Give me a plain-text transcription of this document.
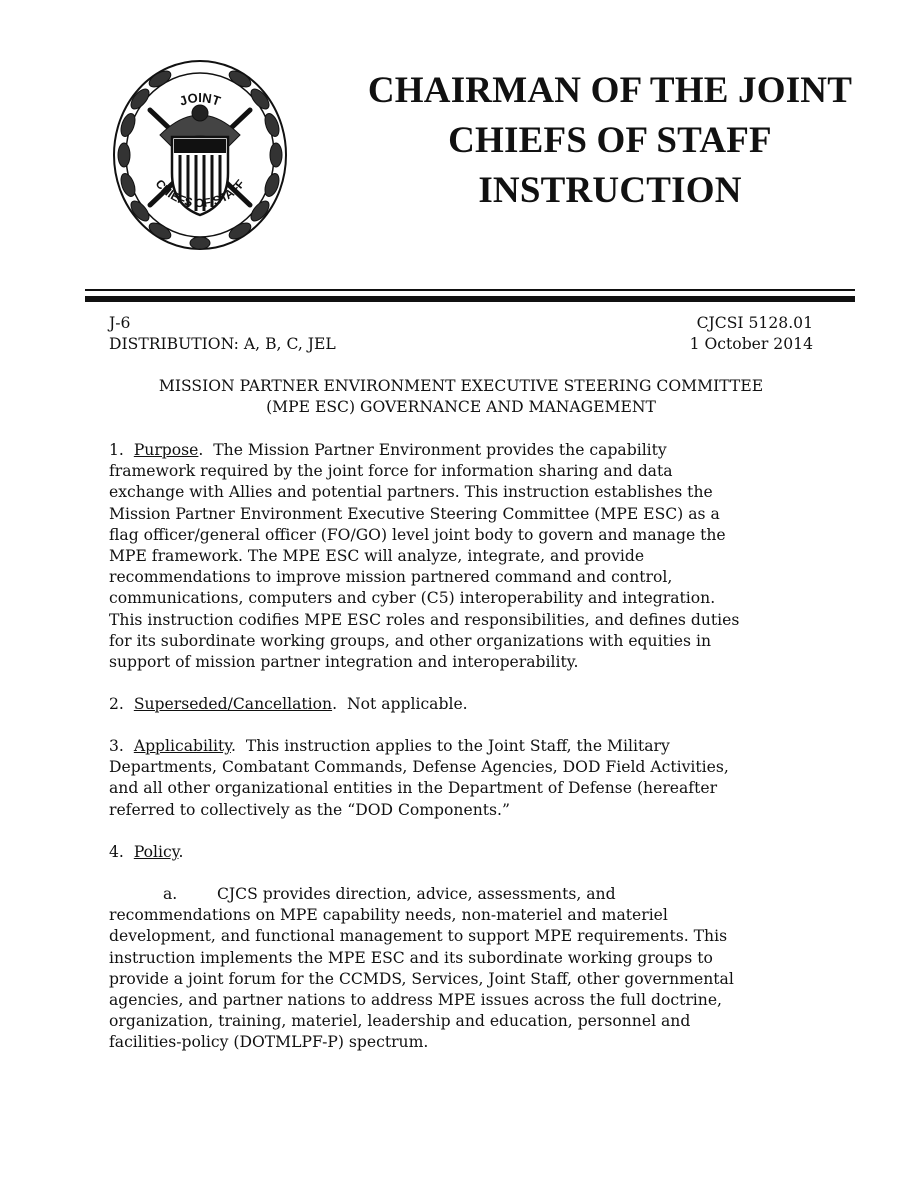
JOINT
CHIEFS OF STAFF
CHAIRMAN OF THE JOINT
CHIEFS OF STAFF
INSTRUCTION
J-6	CJCSI 5128.01
DISTRIBUTION: A, B, C, JEL	1 October 2014
MISSION PARTNER ENVIRONMENT EXECUTIVE STEERING COMMITTEE
(MPE ESC) GOVERNANCE AND MANAGEMENT
1. Purpose.  The Mission Partner Environment provides the capability
framework required by the joint force for information sharing and data
exchange with Allies and potential partners. This instruction establishes the
Mission Partner Environment Executive Steering Committee (MPE ESC) as a
flag officer/general officer (FO/GO) level joint body to govern and manage the
MPE framework. The MPE ESC will analyze, integrate, and provide
recommendations to improve mission partnered command and control,
communications, computers and cyber (C5) interoperability and integration.
This instruction codifies MPE ESC roles and responsibilities, and defines duties
for its subordinate working groups, and other organizations with equities in
support of mission partner integration and interoperability.
2. Superseded/Cancellation.  Not applicable.
3. Applicability.  This instruction applies to the Joint Staff, the Military
Departments, Combatant Commands, Defense Agencies, DOD Field Activities,
and all other organizational entities in the Department of Defense (hereafter
referred to collectively as the “DOD Components.”
4. Policy.
a.	CJCS provides direction, advice, assessments, and
recommendations on MPE capability needs, non-materiel and materiel
development, and functional management to support MPE requirements. This
instruction implements the MPE ESC and its subordinate working groups to
provide a joint forum for the CCMDS, Services, Joint Staff, other governmental
agencies, and partner nations to address MPE issues across the full doctrine,
organization, training, materiel, leadership and education, personnel and
facilities-policy (DOTMLPF-P) spectrum.
